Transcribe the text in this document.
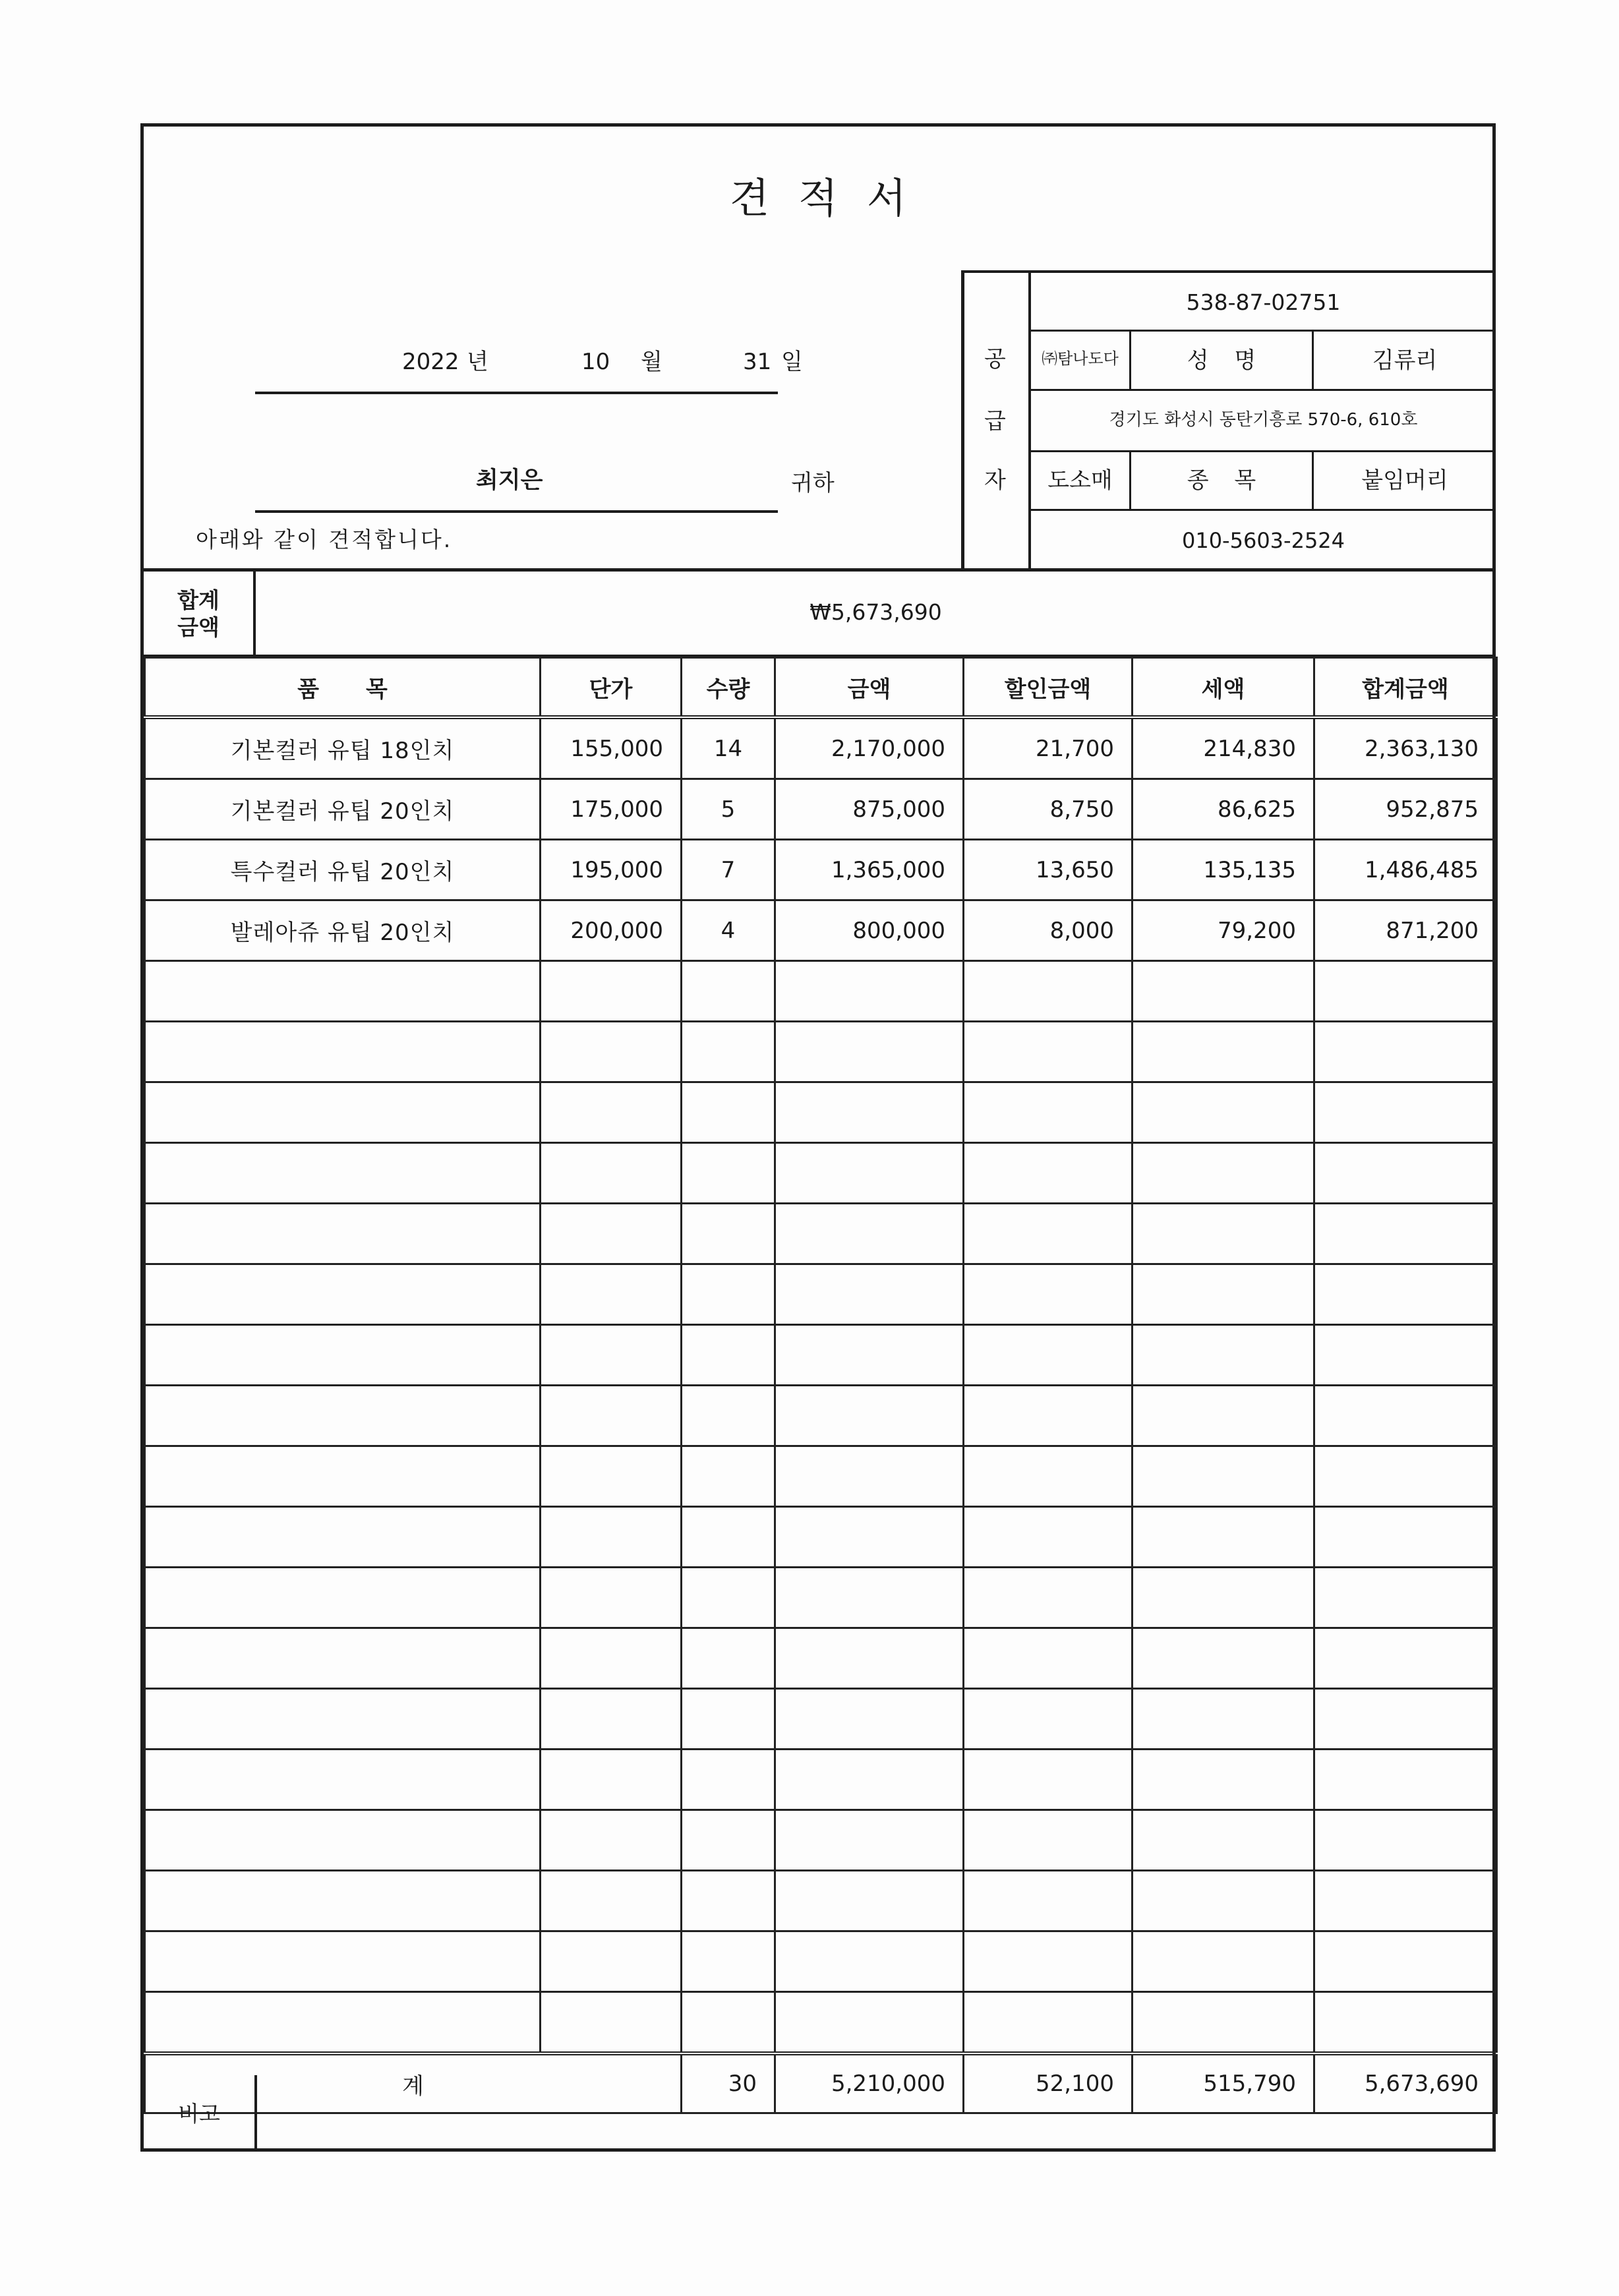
견적서
2022 년	10 월	31 일
최지은	귀하
아래와 같이 견적합니다.
공
급
자
538-87-02751
㈜탐나도다	성 명	김류리
경기도 화성시 동탄기흥로 570-6, 610호
도소매	종 목	붙임머리
010-5603-2524
합계
금액
₩5,673,690
품      목	단가	수량	금액	할인금액	세액	합계금액
기본컬러 유팁 18인치	155,000	14	2,170,000	21,700	214,830	2,363,130
기본컬러 유팁 20인치	175,000	5	875,000	8,750	86,625	952,875
특수컬러 유팁 20인치	195,000	7	1,365,000	13,650	135,135	1,486,485
발레아쥬 유팁 20인치	200,000	4	800,000	8,000	79,200	871,200

계		30	5,210,000	52,100	515,790	5,673,690
비고
